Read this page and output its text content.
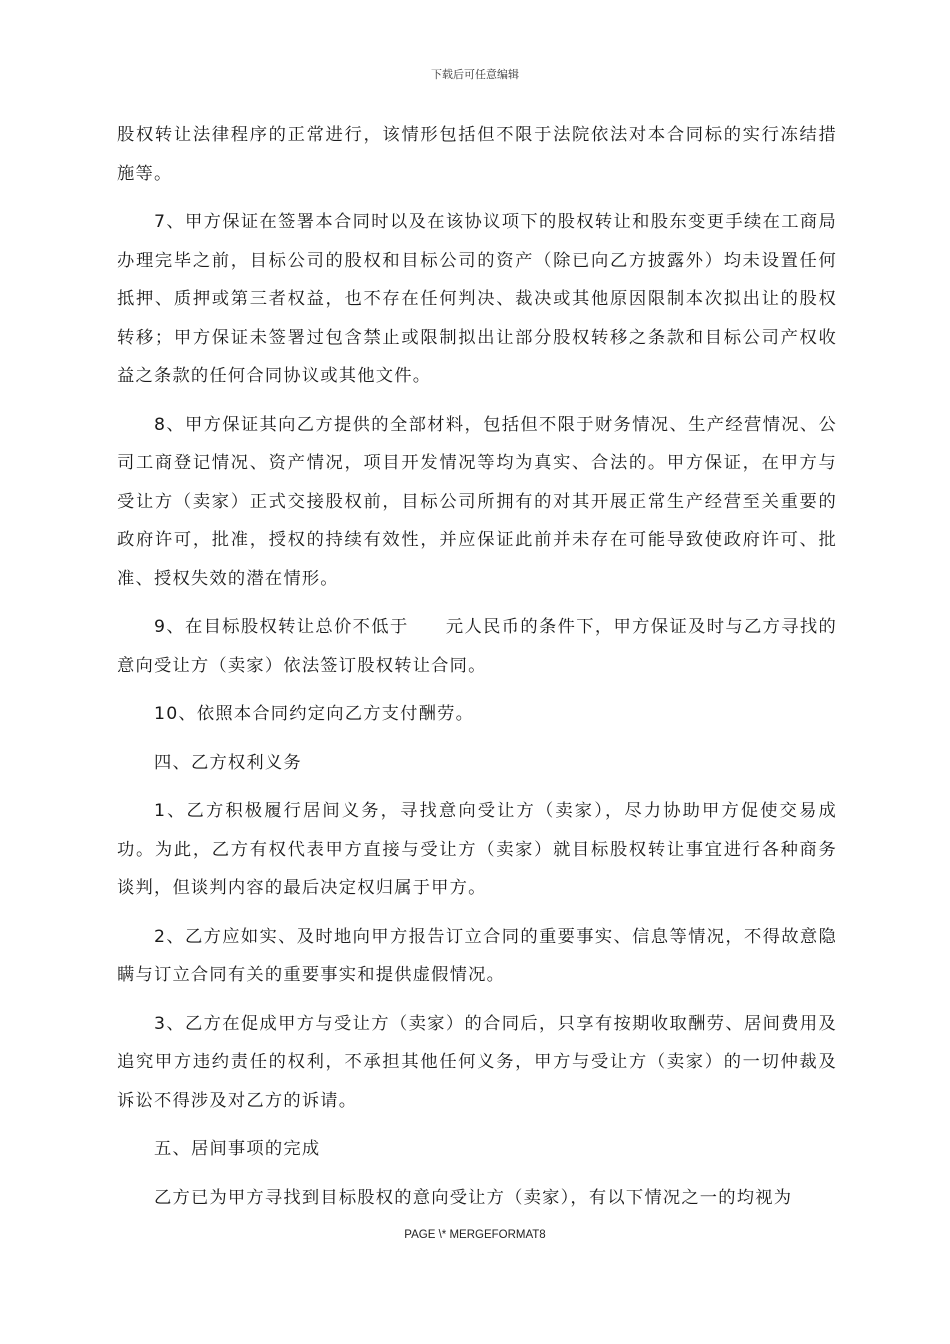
下载后可任意编辑

股权转让法律程序的正常进行，该情形包括但不限于法院依法对本合同标的实行冻结措施等。

7、甲方保证在签署本合同时以及在该协议项下的股权转让和股东变更手续在工商局办理完毕之前，目标公司的股权和目标公司的资产（除已向乙方披露外）均未设置任何抵押、质押或第三者权益，也不存在任何判决、裁决或其他原因限制本次拟出让的股权转移；甲方保证未签署过包含禁止或限制拟出让部分股权转移之条款和目标公司产权收益之条款的任何合同协议或其他文件。

8、甲方保证其向乙方提供的全部材料，包括但不限于财务情况、生产经营情况、公司工商登记情况、资产情况，项目开发情况等均为真实、合法的。甲方保证，在甲方与受让方（卖家）正式交接股权前，目标公司所拥有的对其开展正常生产经营至关重要的政府许可，批准，授权的持续有效性，并应保证此前并未存在可能导致使政府许可、批准、授权失效的潜在情形。

9、在目标股权转让总价不低于　　元人民币的条件下，甲方保证及时与乙方寻找的意向受让方（卖家）依法签订股权转让合同。

10、依照本合同约定向乙方支付酬劳。

四、乙方权利义务

1、乙方积极履行居间义务，寻找意向受让方（卖家），尽力协助甲方促使交易成功。为此，乙方有权代表甲方直接与受让方（卖家）就目标股权转让事宜进行各种商务谈判，但谈判内容的最后决定权归属于甲方。

2、乙方应如实、及时地向甲方报告订立合同的重要事实、信息等情况，不得故意隐瞒与订立合同有关的重要事实和提供虚假情况。

3、乙方在促成甲方与受让方（卖家）的合同后，只享有按期收取酬劳、居间费用及追究甲方违约责任的权利，不承担其他任何义务，甲方与受让方（卖家）的一切仲裁及诉讼不得涉及对乙方的诉请。

五、居间事项的完成

乙方已为甲方寻找到目标股权的意向受让方（卖家），有以下情况之一的均视为

PAGE \* MERGEFORMAT8
